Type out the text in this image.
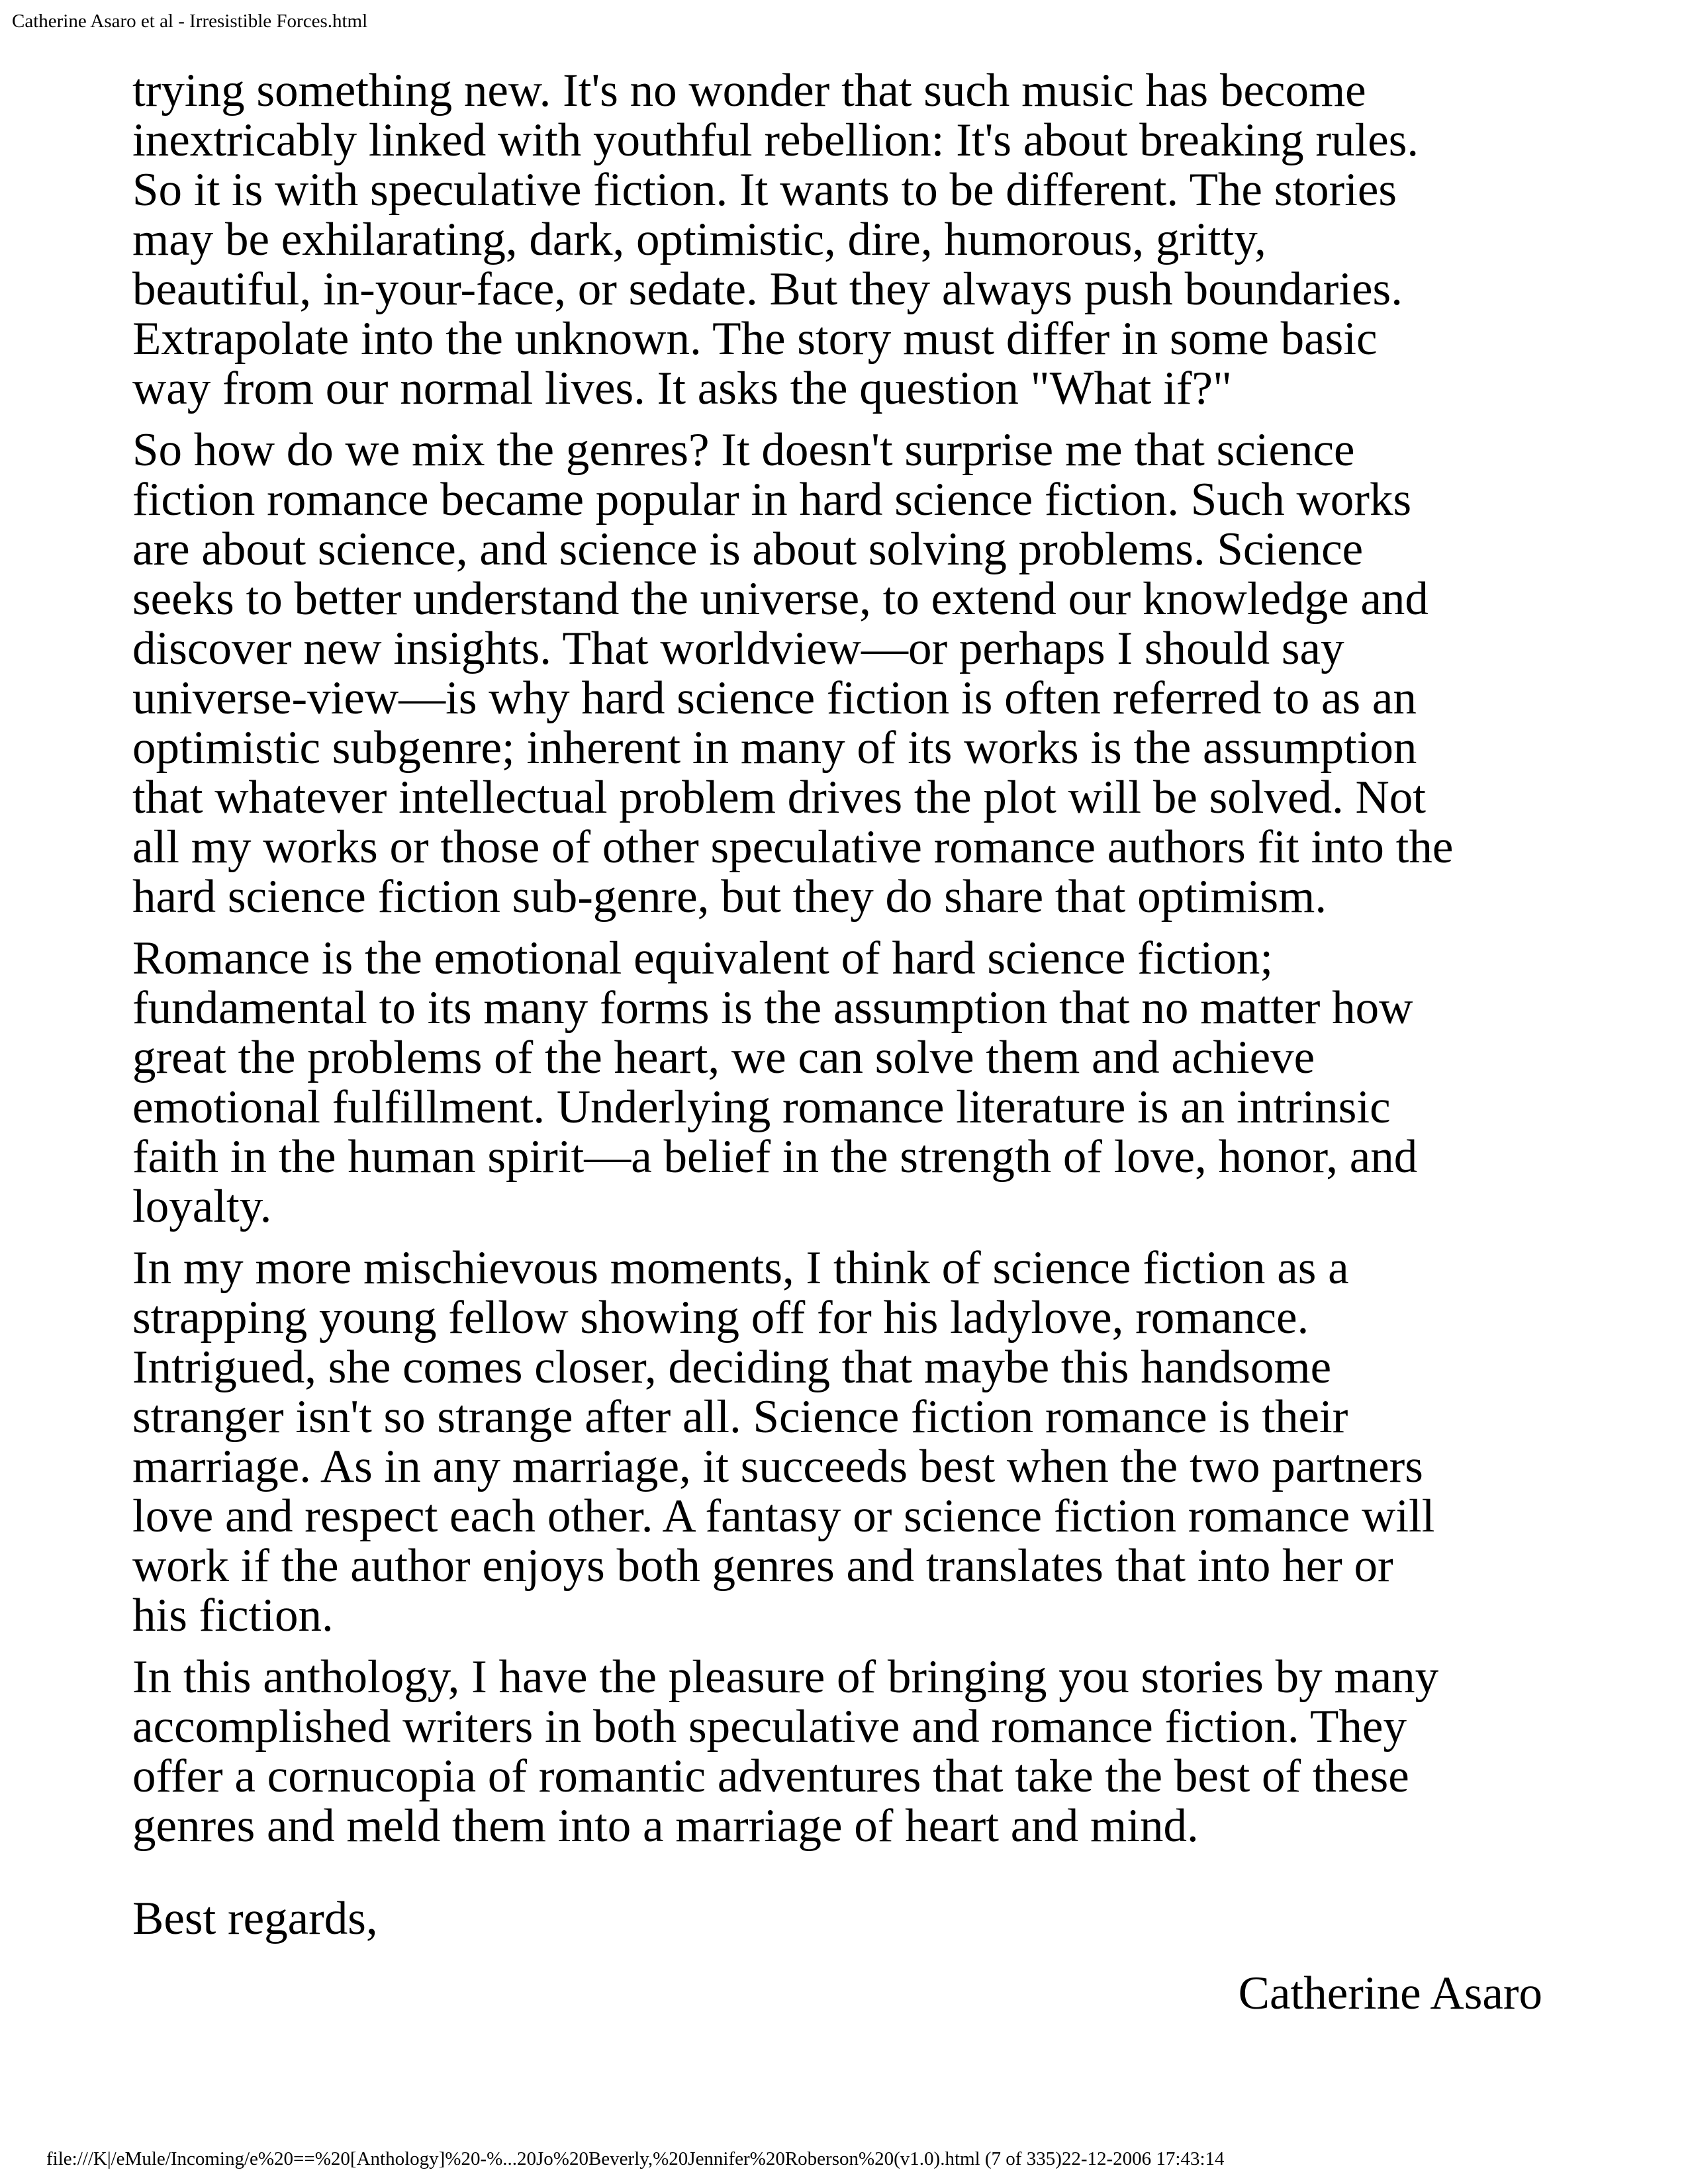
Catherine Asaro et al - Irresistible Forces.html

trying something new. It's no wonder that such music has become
inextricably linked with youthful rebellion: It's about breaking rules.
So it is with speculative fiction. It wants to be different. The stories
may be exhilarating, dark, optimistic, dire, humorous, gritty,
beautiful, in-your-face, or sedate. But they always push boundaries.
Extrapolate into the unknown. The story must differ in some basic
way from our normal lives. It asks the question "What if?"

So how do we mix the genres? It doesn't surprise me that science
fiction romance became popular in hard science fiction. Such works
are about science, and science is about solving problems. Science
seeks to better understand the universe, to extend our knowledge and
discover new insights. That worldview—or perhaps I should say
universe-view—is why hard science fiction is often referred to as an
optimistic subgenre; inherent in many of its works is the assumption
that whatever intellectual problem drives the plot will be solved. Not
all my works or those of other speculative romance authors fit into the
hard science fiction sub-genre, but they do share that optimism.

Romance is the emotional equivalent of hard science fiction;
fundamental to its many forms is the assumption that no matter how
great the problems of the heart, we can solve them and achieve
emotional fulfillment. Underlying romance literature is an intrinsic
faith in the human spirit—a belief in the strength of love, honor, and
loyalty.

In my more mischievous moments, I think of science fiction as a
strapping young fellow showing off for his ladylove, romance.
Intrigued, she comes closer, deciding that maybe this handsome
stranger isn't so strange after all. Science fiction romance is their
marriage. As in any marriage, it succeeds best when the two partners
love and respect each other. A fantasy or science fiction romance will
work if the author enjoys both genres and translates that into her or
his fiction.

In this anthology, I have the pleasure of bringing you stories by many
accomplished writers in both speculative and romance fiction. They
offer a cornucopia of romantic adventures that take the best of these
genres and meld them into a marriage of heart and mind.

Best regards,
Catherine Asaro
file:///K|/eMule/Incoming/e%20==%20[Anthology]%20-%...20Jo%20Beverly,%20Jennifer%20Roberson%20(v1.0).html (7 of 335)22-12-2006 17:43:14
